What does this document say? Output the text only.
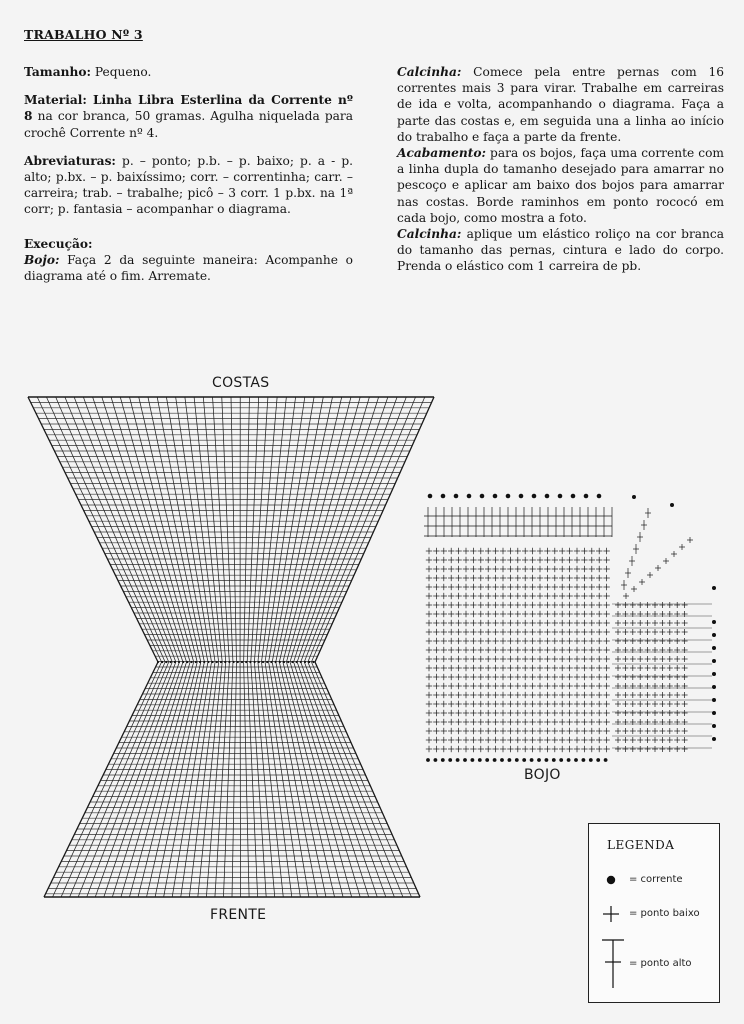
TRABALHO Nº 3

Tamanho: Pequeno.

Material: Linha Libra Esterlina da Corrente nº 8 na cor branca, 50 gramas. Agulha niquelada para crochê Corrente nº 4.

Abreviaturas: p. – ponto; p.b. – p. baixo; p. a - p. alto; p.bx. – p. baixíssimo; corr. – correntinha; carr. – carreira; trab. – trabalhe; picô – 3 corr. 1 p.bx. na 1ª corr; p. fantasia – acompanhar o diagrama.

Execução:
Bojo: Faça 2 da seguinte maneira: Acompanhe o diagrama até o fim. Arremate.

Calcinha: Comece pela entre pernas com 16 correntes mais 3 para virar. Trabalhe em carreiras de ida e volta, acompanhando o diagrama. Faça a parte das costas e, em seguida una a linha ao início do trabalho e faça a parte da frente.

Acabamento: para os bojos, faça uma corrente com a linha dupla do tamanho desejado para amarrar no pescoço e aplicar am baixo dos bojos para amarrar nas costas. Borde raminhos em ponto rococó em cada bojo, como mostra a foto.

Calcinha: aplique um elástico roliço na cor branca do tamanho das pernas, cintura e lado do corpo. Prenda o elástico com 1 carreira de pb.

COSTAS
FRENTE
BOJO
LEGENDA
= corrente
= ponto baixo
= ponto alto
